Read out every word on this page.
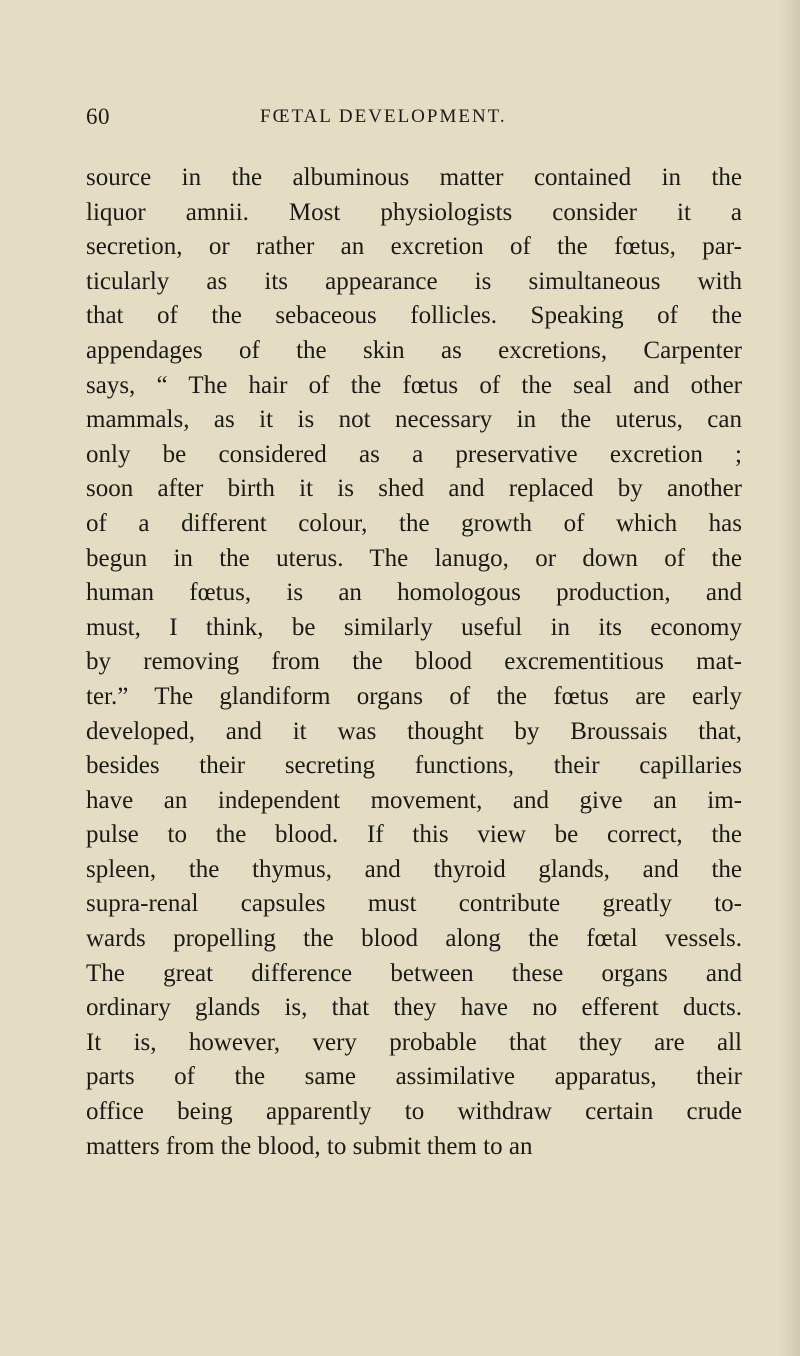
60	FŒTAL DEVELOPMENT.
source in the albuminous matter contained in the
liquor amnii. Most physiologists consider it a
secretion, or rather an excretion of the fœtus, par-
ticularly as its appearance is simultaneous with
that of the sebaceous follicles. Speaking of the
appendages of the skin as excretions, Carpenter
says, “ The hair of the fœtus of the seal and other
mammals, as it is not necessary in the uterus, can
only be considered as a preservative excretion ;
soon after birth it is shed and replaced by another
of a different colour, the growth of which has
begun in the uterus. The lanugo, or down of the
human fœtus, is an homologous production, and
must, I think, be similarly useful in its economy
by removing from the blood excrementitious mat-
ter.” The glandiform organs of the fœtus are early
developed, and it was thought by Broussais that,
besides their secreting functions, their capillaries
have an independent movement, and give an im-
pulse to the blood. If this view be correct, the
spleen, the thymus, and thyroid glands, and the
supra-renal capsules must contribute greatly to-
wards propelling the blood along the fœtal vessels.
The great difference between these organs and
ordinary glands is, that they have no efferent ducts.
It is, however, very probable that they are all
parts of the same assimilative apparatus, their
office being apparently to withdraw certain crude
matters from the blood, to submit them to an
